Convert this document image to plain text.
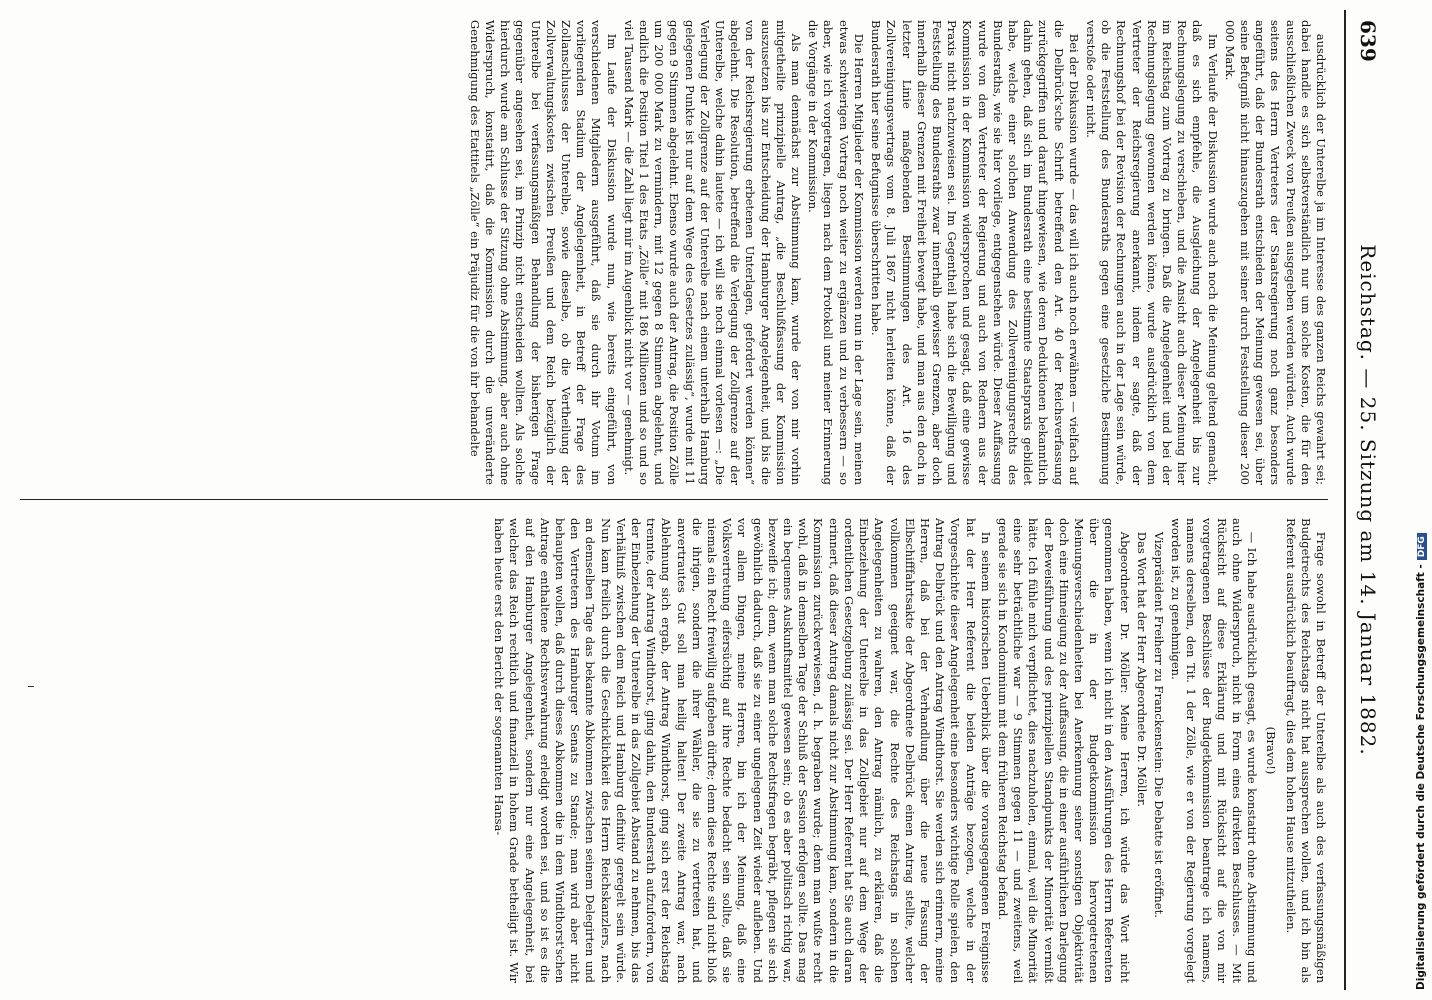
639
Reichstag. — 25. Sitzung am 14. Januar 1882.

ausdrücklich der Unterelbe ja im Interesse des ganzen Reichs gewahrt sei; dabei handle es sich selbstverständlich nur um solche Kosten, die für den ausschließlichen Zweck von Preußen ausgegeben werden würden. Auch wurde seitens des Herrn Vertreters der Staatsregierung noch ganz besonders angeführt, daß der Bundesrath entschieden der Meinung gewesen sei, über seine Befugniß nicht hinauszugehen mit seiner durch Feststellung dieser 200 000 Mark.

Im Verlaufe der Diskussion wurde auch noch die Meinung geltend gemacht, daß es sich empfehle, die Ausgleichung der Angelegenheit bis zur Rechnungslegung zu verschieben, und die Ansicht auch dieser Meinung hier im Reichstag zum Vortrag zu bringen. Daß die Angelegenheit und bei der Rechnungslegung gewonnen werden könne, wurde ausdrücklich von dem Vertreter der Reichsregierung anerkannt, indem er sagte, daß der Rechnungshof bei der Revision der Rechnungen auch in der Lage sein würde, ob die Feststellung des Bundesraths gegen eine gesetzliche Bestimmung verstoße oder nicht.

Bei der Diskussion wurde — das will ich auch noch erwähnen — vielfach auf die Delbrück'sche Schrift betreffend den Art. 40 der Reichsverfassung zurückgegriffen und darauf hingewiesen, wie deren Deduktionen bekanntlich dahin gehen, daß sich im Bundesrath eine bestimmte Staatspraxis gebildet habe, welche einer solchen Anwendung des Zollvereinigungsrechts des Bundesraths, wie sie hier vorliege, entgegenstehen würde. Dieser Auffassung wurde von dem Vertreter der Regierung und auch von Rednern aus der Kommission in der Kommission widersprochen und gesagt, daß eine gewisse Praxis nicht nachzuweisen sei. Im Gegentheil habe sich die Bewilligung und Feststellung des Bundesraths zwar innerhalb gewisser Grenzen, aber doch innerhalb dieser Grenzen mit Freiheit bewegt habe, und man aus den doch in letzter Linie maßgebenden Bestimmungen des Art. 16 des Zollvereinigungsvertrags vom 8. Juli 1867 nicht herleiten könne, daß der Bundesrath hier seine Befugnisse überschritten habe.

Die Herren Mitglieder der Kommission werden nun in der Lage sein, meinen etwas schwierigen Vortrag noch weiter zu ergänzen und zu verbessern — so aber, wie ich vorgetragen, liegen nach dem Protokoll und meiner Erinnerung die Vorgänge in der Kommission.

Als man demnächst zur Abstimmung kam, wurde der von mir vorhin mitgetheilte prinzipielle Antrag, „die Beschlußfassung der Kommission auszusetzen bis zur Entscheidung der Hamburger Angelegenheit, und bis die von der Reichsregierung erbetenen Unterlagen, gefordert werden können“ abgelehnt. Die Resolution, betreffend die Verlegung der Zollgrenze auf der Unterelbe, welche dahin lautete — ich will sie noch einmal vorlesen —: „Die Verlegung der Zollgrenze auf der Unterelbe nach einem unterhalb Hamburg gelegenen Punkte ist nur auf dem Wege des Gesetzes zulässig“, wurde mit 11 gegen 9 Stimmen abgelehnt. Ebenso wurde auch der Antrag, die Position Zölle um 200 000 Mark zu vermindern, mit 12 gegen 8 Stimmen abgelehnt, und endlich die Position Titel 1 des Etats „Zölle“ mit 186 Millionen und so und so viel Tausend Mark — die Zahl liegt mir im Augenblick nicht vor — genehmigt.

Im Laufe der Diskussion wurde nun, wie bereits eingeführt, von verschiedenen Mitgliedern ausgeführt, daß sie durch ihr Votum im vorliegenden Stadium der Angelegenheit, in Betreff der Frage des Zollanschlusses der Unterelbe, sowie dieselbe, ob die Vertheilung der Zollverwaltungskosten zwischen Preußen und dem Reich bezüglich der Unterelbe bei verfassungsmäßigen Behandlung der bisherigen Frage gegenüber angesehen sei, im Prinzip nicht entscheiden wollten. Als solche hierdurch wurde am Schlusse der Sitzung ohne Abstimmung, aber auch ohne Widerspruch, konstatirt, daß die Kommission durch die unveränderte Genehmigung des Etattitels „Zölle“ ein Präjudiz für die von ihr behandelte

Frage sowohl in Betreff der Unterelbe als auch des verfassungsmäßigen Budgetrechts des Reichstags nicht hat aussprechen wollen, und ich bin als Referent ausdrücklich beauftragt, dies dem hohen Hause mitzutheilen.

(Bravo!)

— Ich habe ausdrücklich gesagt, es wurde konstatirt ohne Abstimmung und auch ohne Widerspruch, nicht in Form eines direkten Beschlusses. — Mit Rücksicht auf diese Erklärung und mit Rücksicht auf die von mir vorgetragenen Beschlüsse der Budgetkommission beantrage ich namens, namens derselben, den Tit. 1 der Zölle, wie er von der Regierung vorgelegt worden ist, zu genehmigen.

Vizepräsident Freiherr zu Franckenstein: Die Debatte ist eröffnet.

Das Wort hat der Herr Abgeordnete Dr. Möller.

Abgeordneter Dr. Möller: Meine Herren, ich würde das Wort nicht genommen haben, wenn ich nicht in den Ausführungen des Herrn Referenten über die in der Budgetkommission hervorgetretenen Meinungsverschiedenheiten bei Anerkennung seiner sonstigen Objektivität doch eine Hinneigung zu der Auffassung, die in einer ausführlichen Darlegung der Beweisführung und des prinzipiellen Standpunkts der Minorität vermißt hätte. Ich fühle mich verpflichtet, dies nachzuholen, einmal, weil die Minorität eine sehr beträchtliche war — 9 Stimmen gegen 11 — und zweitens, weil gerade sie sich in Kondominium mit dem früheren Reichstag befand.

In seinem historischen Ueberblick über die vorausgegangenen Ereignisse hat der Herr Referent die beiden Anträge bezogen, welche in der Vorgeschichte dieser Angelegenheit eine besonders wichtige Rolle spielen, den Antrag Delbrück und den Antrag Windthorst. Sie werden sich erinnern, meine Herren, daß bei der Verhandlung über die neue Fassung der Elbschifffahrtsakte der Abgeordnete Delbrück einen Antrag stellte, welcher vollkommen geeignet war, die Rechte des Reichstags in solchen Angelegenheiten zu wahren, den Antrag nämlich, zu erklären, daß die Einbeziehung der Unterelbe in das Zollgebiet nur auf dem Wege der ordentlichen Gesetzgebung zulässig sei. Der Herr Referent hat Sie auch daran erinnert, daß dieser Antrag damals nicht zur Abstimmung kam, sondern in die Kommission zurückverwiesen, d. h. begraben wurde; denn man wußte recht wohl, daß in demselben Tage der Schluß der Session erfolgen sollte. Das mag ein bequemes Auskunftsmittel gewesen sein; ob es aber politisch richtig war, bezweifle ich; denn, wenn man solche Rechtsfragen begräbt, pflegen sie sich gewöhnlich dadurch, daß sie zu einer ungelegenen Zeit wieder aufleben. Und vor allem Dingen, meine Herren, bin ich der Meinung, daß eine Volksvertretung eifersüchtig auf ihre Rechte bedacht sein sollte, daß sie niemals ein Recht freiwillig aufgeben dürfte; denn diese Rechte sind nicht bloß die ihrigen, sondern die ihrer Wähler, die sie zu vertreten hat, und anvertrautes Gut soll man heilig halten! Der zweite Antrag war, nach Ablehnung sich ergab, der Antrag Windthorst, ging sich erst der Reichstag trennte, der Antrag Windthorst, ging dahin, den Bundesrath aufzufordern, von der Einbeziehung der Unterelbe in das Zollgebiet Abstand zu nehmen, bis das Verhältniß zwischen dem Reich und Hamburg definitiv geregelt sein würde. Nun kam freilich durch die Geschicklichkeit des Herrn Reichskanzlers, nach an demselben Tage das bekannte Abkommen zwischen seinem Delegirten und den Vertretern des Hamburger Senats zu Stande; man wird aber nicht behaupten wollen, daß durch dieses Abkommen die in dem Windthorst'schen Antrage enthaltene Rechtsverwahrung erledigt worden sei, und so ist es die auf den Hamburger Angelegenheit, sondern nur eine Angelegenheit, bei welcher das Reich rechtlich und finanziell in hohem Grade betheiligt ist. Wir haben heute erst den Bericht der sogenannten Hansa-	Digitalisierung gefördert durch die Deutsche Forschungsgemeinschaft -DFG
